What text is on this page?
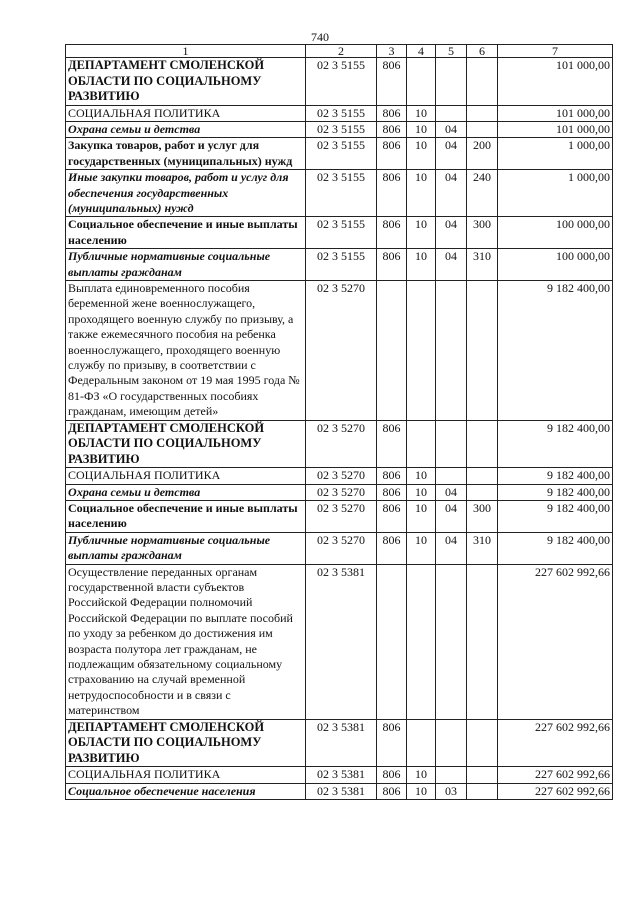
740
1	2	3	4	5	6	7
ДЕПАРТАМЕНТ СМОЛЕНСКОЙ ОБЛАСТИ ПО СОЦИАЛЬНОМУ РАЗВИТИЮ	02 3 5155	806				101 000,00
СОЦИАЛЬНАЯ ПОЛИТИКА	02 3 5155	806	10			101 000,00
Охрана семьи и детства	02 3 5155	806	10	04		101 000,00
Закупка товаров, работ и услуг для государственных (муниципальных) нужд	02 3 5155	806	10	04	200	1 000,00
Иные закупки товаров, работ и услуг для обеспечения государственных (муниципальных) нужд	02 3 5155	806	10	04	240	1 000,00
Социальное обеспечение и иные выплаты населению	02 3 5155	806	10	04	300	100 000,00
Публичные нормативные социальные выплаты гражданам	02 3 5155	806	10	04	310	100 000,00
Выплата единовременного пособия беременной жене военнослужащего, проходящего военную службу по призыву, а также ежемесячного пособия на ребенка военнослужащего, проходящего военную службу по призыву, в соответствии с Федеральным законом от 19 мая 1995 года № 81-ФЗ «О государственных пособиях гражданам, имеющим детей»	02 3 5270					9 182 400,00
ДЕПАРТАМЕНТ СМОЛЕНСКОЙ ОБЛАСТИ ПО СОЦИАЛЬНОМУ РАЗВИТИЮ	02 3 5270	806				9 182 400,00
СОЦИАЛЬНАЯ ПОЛИТИКА	02 3 5270	806	10			9 182 400,00
Охрана семьи и детства	02 3 5270	806	10	04		9 182 400,00
Социальное обеспечение и иные выплаты населению	02 3 5270	806	10	04	300	9 182 400,00
Публичные нормативные социальные выплаты гражданам	02 3 5270	806	10	04	310	9 182 400,00
Осуществление переданных органам государственной власти субъектов Российской Федерации полномочий Российской Федерации по выплате пособий по уходу за ребенком до достижения им возраста полутора лет гражданам, не подлежащим обязательному социальному страхованию на случай временной нетрудоспособности и в связи с материнством	02 3 5381					227 602 992,66
ДЕПАРТАМЕНТ СМОЛЕНСКОЙ ОБЛАСТИ ПО СОЦИАЛЬНОМУ РАЗВИТИЮ	02 3 5381	806				227 602 992,66
СОЦИАЛЬНАЯ ПОЛИТИКА	02 3 5381	806	10			227 602 992,66
Социальное обеспечение населения	02 3 5381	806	10	03		227 602 992,66
